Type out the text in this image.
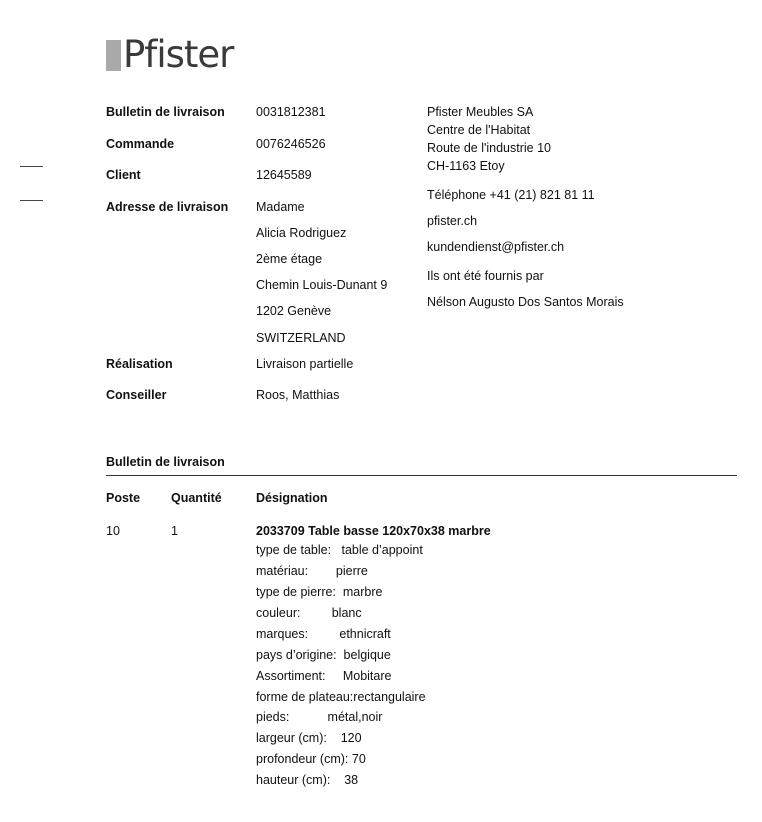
Pfister
Bulletin de livraison 0031812381
Commande	0076246526
Client	12645589
Adresse de livraison Madame
Alicia Rodriguez
2ème étage
Chemin Louis-Dunant 9
1202 Genève
SWITZERLAND
Réalisation	Livraison partielle
Conseiller	Roos, Matthias
Pfister Meubles SA
Centre de l'Habitat
Route de l'industrie 10
CH-1163 Etoy
Téléphone +41 (21) 821 81 11
pfister.ch
kundendienst@pfister.ch
Ils ont été fournis par
Nélson Augusto Dos Santos Morais
Bulletin de livraison
Poste Quantité	Désignation
10	1	2033709 Table basse 120x70x38 marbre
type de table:   table d’appoint
matériau:        pierre
type de pierre:  marbre
couleur:         blanc
marques:         ethnicraft
pays d’origine:  belgique
Assortiment:     Mobitare
forme de plateau:rectangulaire
pieds:           métal,noir
largeur (cm):    120
profondeur (cm): 70
hauteur (cm):    38
